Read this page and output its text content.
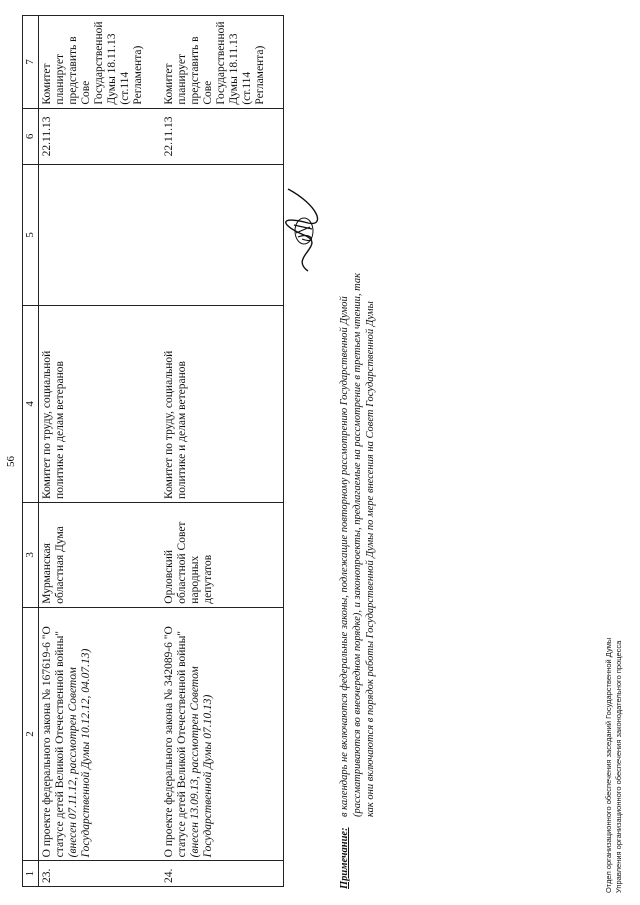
56
1	2	3	4	5	6	7
23.	О проекте федерального закона № 167619-6 "О статусе детей Великой Отечественной войны" (внесен 07.11.12, рассмотрен Советом Государственной Думы 10.12.12, 04.07.13)	Мурманская областная Дума	Комитет по труду, социальной политике и делам ветеранов		22.11.13	Комитет планирует представить в Сове Государственной Думы 18.11.13 (ст.114 Регламента)
24.	О проекте федерального закона № 342089-6 "О статусе детей Великой Отечественной войны" (внесен 13.09.13, рассмотрен Советом Государственной Думы 07.10.13)	Орловский областной Совет народных депутатов	Комитет по труду, социальной политике и делам ветеранов		22.11.13	Комитет планирует представить в Сове Государственной Думы 18.11.13 (ст.114 Регламента)
Примечание:
в календарь не включаются федеральные законы, подлежащие повторному рассмотрению Государственной Думой (рассматриваются во внеочередном порядке), и законопроекты, предлагаемые на рассмотрение в третьем чтении, так как они включаются в порядок работы Государственной Думы по мере внесения на Совет Государственной Думы	Отдел организационного обеспечения заседаний Государственной Думы Управления организационного обеспечения законодательного процесса
